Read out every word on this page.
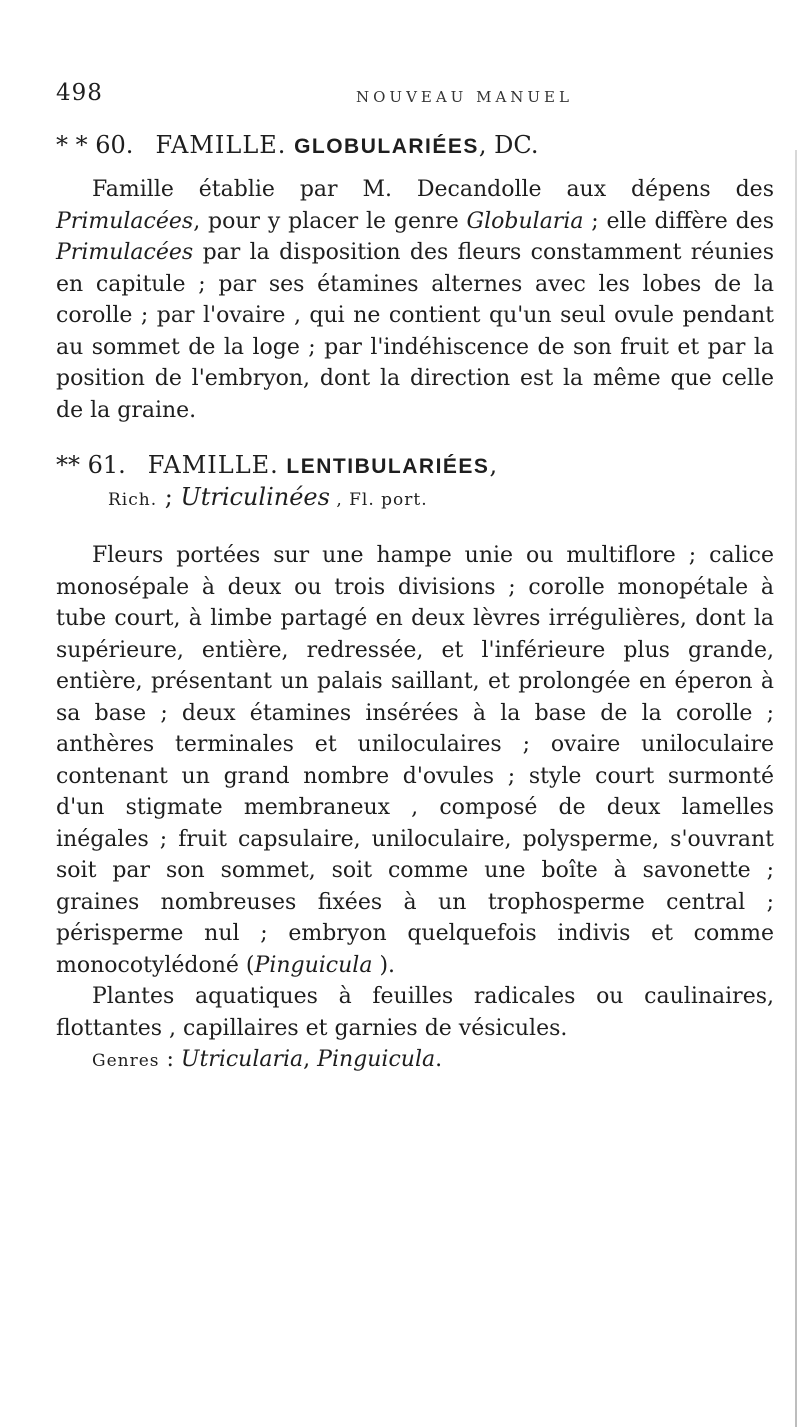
498	NOUVEAU MANUEL
* * 60. FAMILLE. GLOBULARIÉES, DC.

Famille établie par M. Decandolle aux dépens des Primulacées, pour y placer le genre Globularia ; elle diffère des Primulacées par la disposition des fleurs constamment réunies en capitule ; par ses étamines alternes avec les lobes de la corolle ; par l'ovaire , qui ne contient qu'un seul ovule pendant au sommet de la loge ; par l'indéhiscence de son fruit et par la position de l'embryon, dont la direction est la même que celle de la graine.

** 61. FAMILLE. LENTIBULARIÉES,
Rich. ; Utriculinées , Fl. port.

Fleurs portées sur une hampe unie ou multiflore ; calice monosépale à deux ou trois divisions ; corolle monopétale à tube court, à limbe partagé en deux lèvres irrégulières, dont la supérieure, entière, redressée, et l'inférieure plus grande, entière, présentant un palais saillant, et prolongée en éperon à sa base ; deux étamines insérées à la base de la corolle ; anthères terminales et uniloculaires ; ovaire uniloculaire contenant un grand nombre d'ovules ; style court surmonté d'un stigmate membraneux , composé de deux lamelles inégales ; fruit capsulaire, uniloculaire, polysperme, s'ouvrant soit par son sommet, soit comme une boîte à savonette ; graines nombreuses fixées à un trophosperme central ; périsperme nul ; embryon quelquefois indivis et comme monocotylédoné (Pinguicula ).

Plantes aquatiques à feuilles radicales ou caulinaires, flottantes , capillaires et garnies de vésicules.

Genres : Utricularia, Pinguicula.
